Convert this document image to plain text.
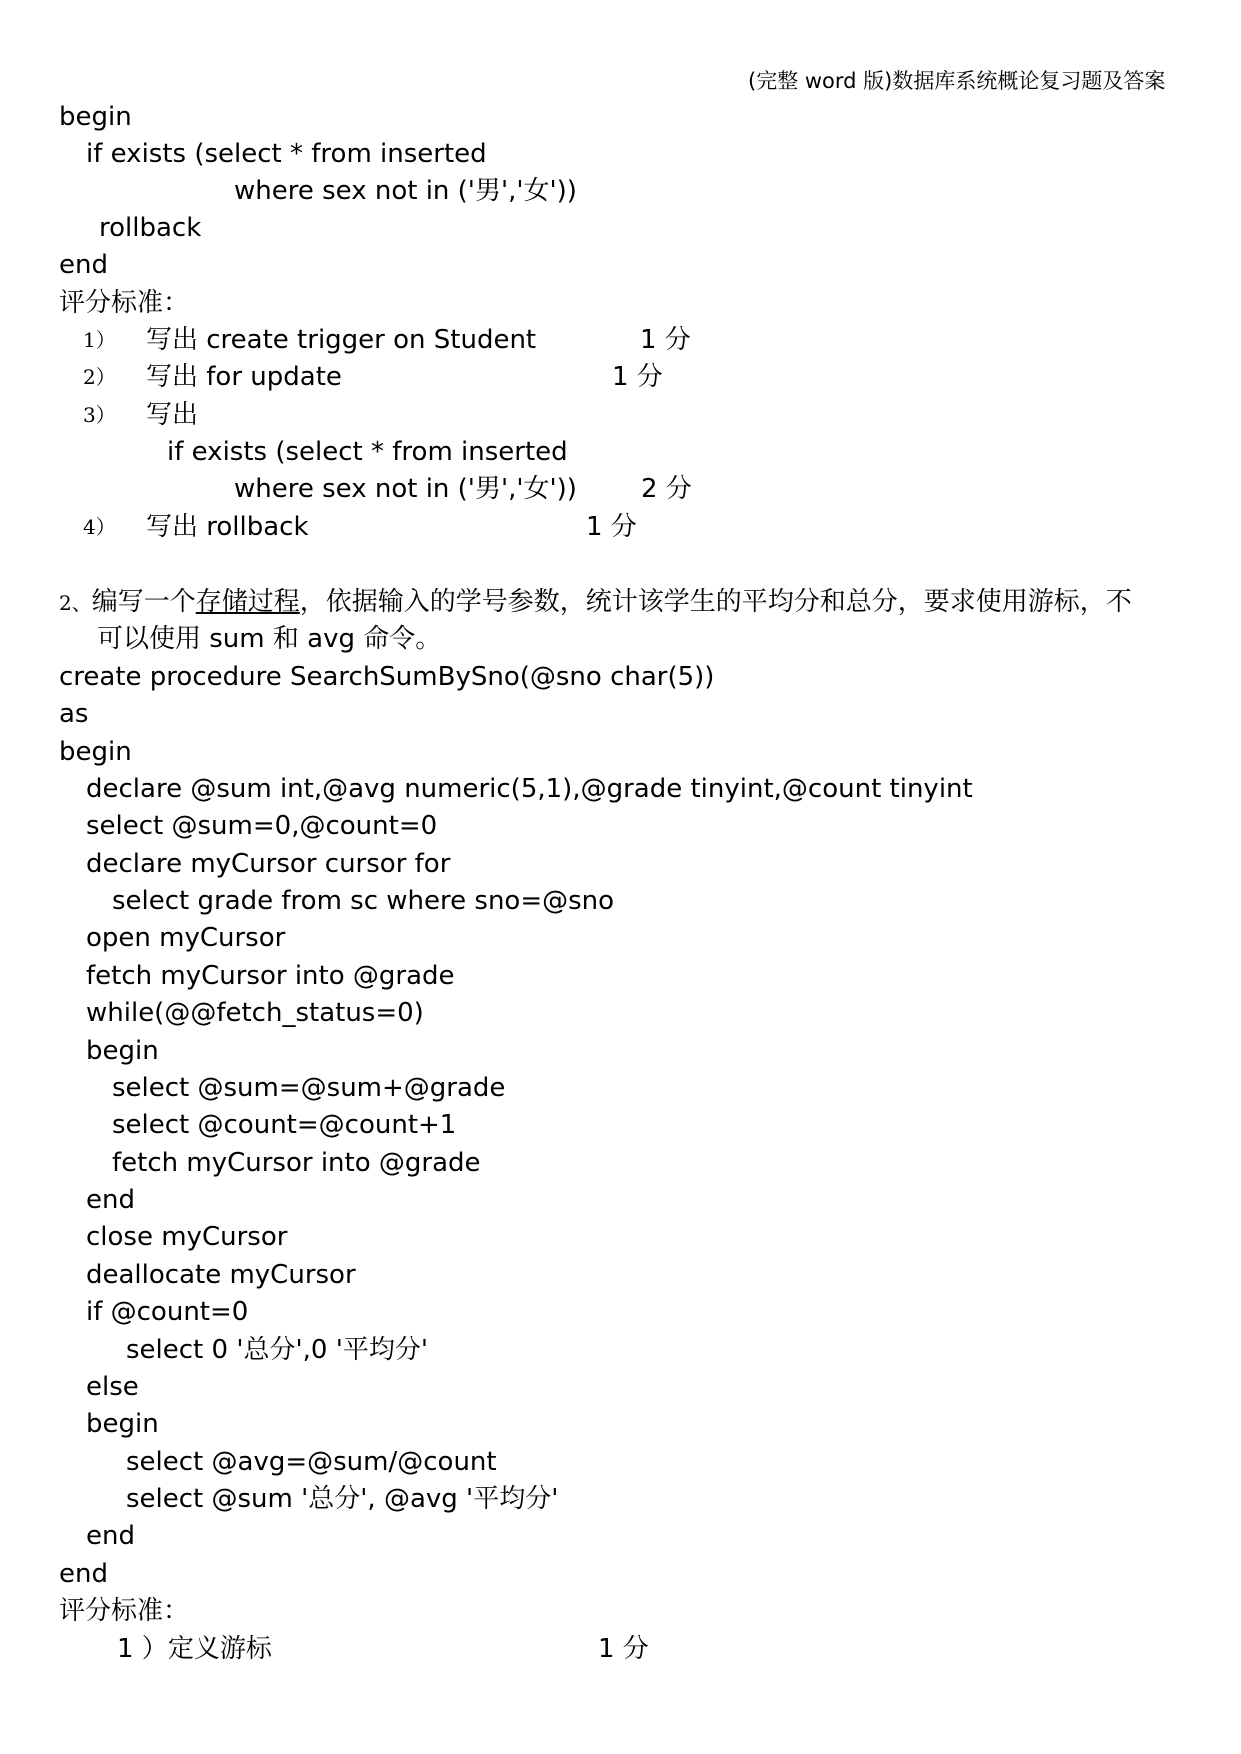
(完整 word 版)数据库系统概论复习题及答案
begin
if exists (select * from inserted
where sex not in ('男','女'))
rollback
end
评分标准：
1） 写出 create trigger on Student	1 分
2） 写出 for update	1 分
3） 写出
if exists (select * from inserted
where sex not in ('男','女')) 2 分
4） 写出 rollback	1 分
2、编写一个存储过程，依据输入的学号参数，统计该学生的平均分和总分，要求使用游标，不
可以使用 sum 和 avg 命令。
create procedure SearchSumBySno(@sno char(5))
as
begin
declare @sum int,@avg numeric(5,1),@grade tinyint,@count tinyint
select @sum=0,@count=0
declare myCursor cursor for
select grade from sc where sno=@sno
open myCursor
fetch myCursor into @grade
while(@@fetch_status=0)
begin
select @sum=@sum+@grade
select @count=@count+1
fetch myCursor into @grade
end
close myCursor
deallocate myCursor
if @count=0
select 0 '总分',0 '平均分'
else
begin
select @avg=@sum/@count
select @sum '总分', @avg '平均分'
end
end
评分标准：
1 ）定义游标	1 分
